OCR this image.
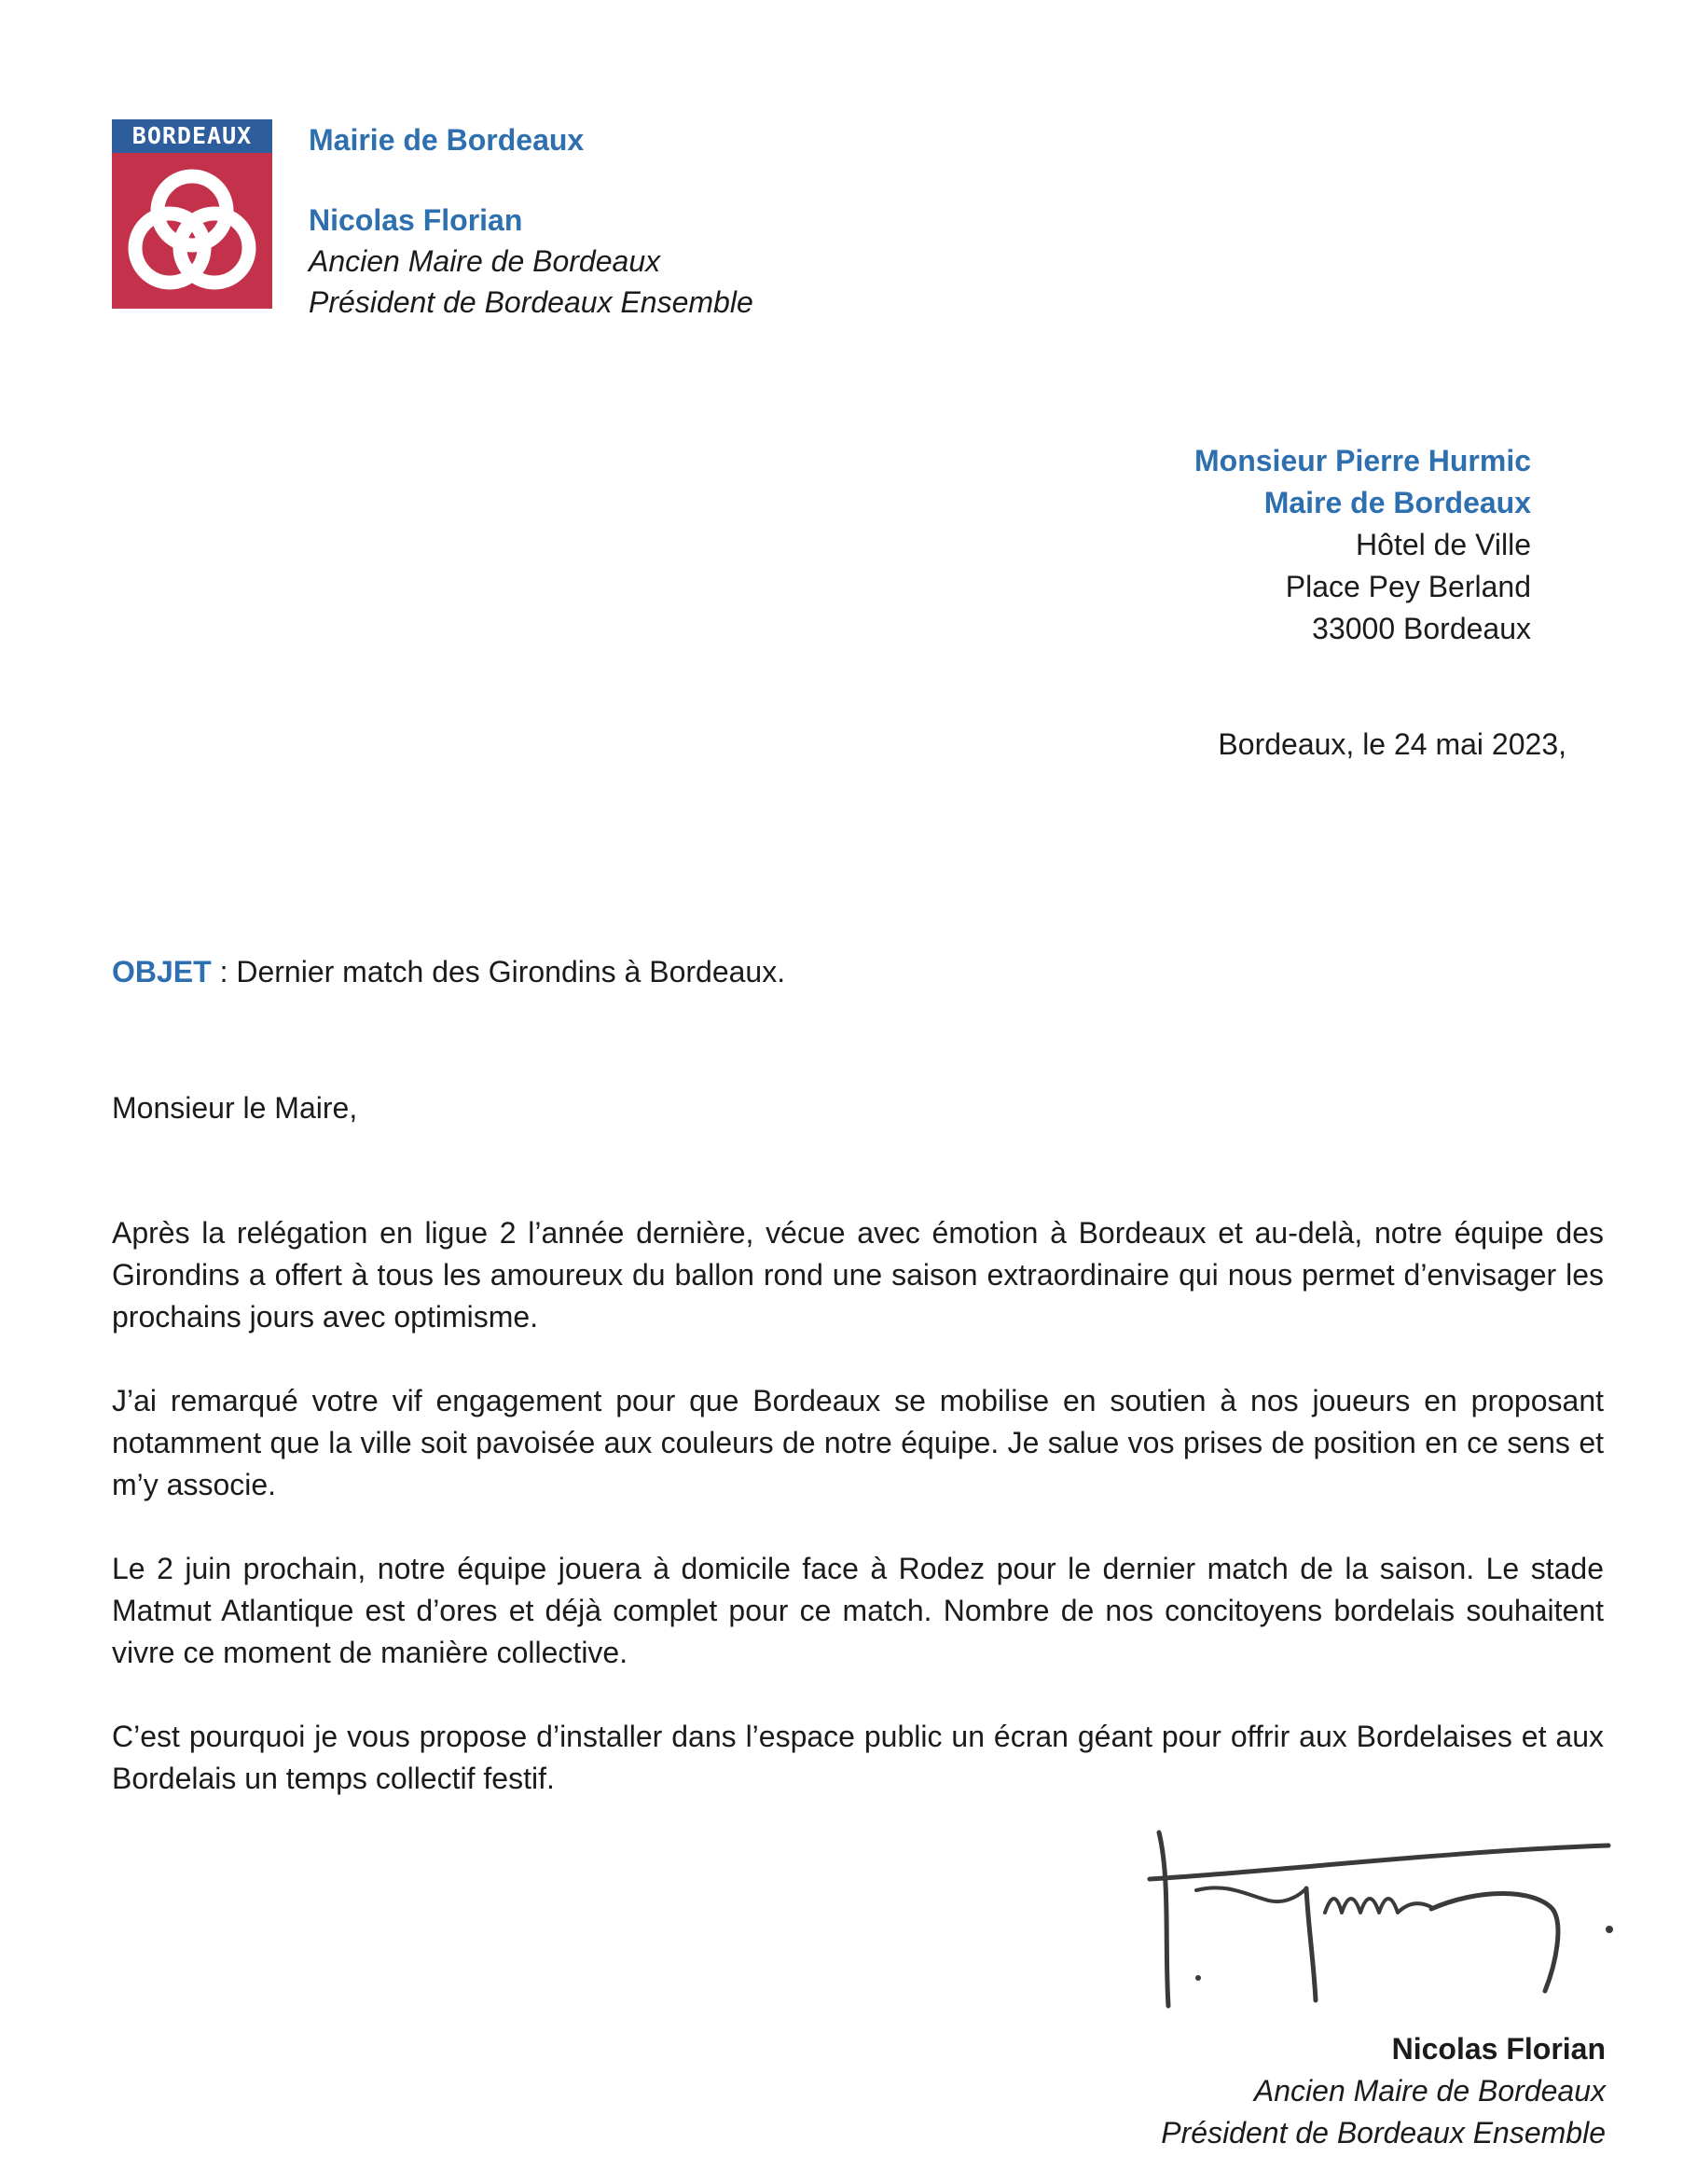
BORDEAUX	Mairie de Bordeaux
Nicolas Florian
Ancien Maire de Bordeaux
Président de Bordeaux Ensemble
Monsieur Pierre Hurmic
Maire de Bordeaux
Hôtel de Ville
Place Pey Berland
33000 Bordeaux
Bordeaux, le 24 mai 2023,
OBJET : Dernier match des Girondins à Bordeaux.
Monsieur le Maire,

Après la relégation en ligue 2 l’année dernière, vécue avec émotion à Bordeaux et au-delà, notre équipe des Girondins a offert à tous les amoureux du ballon rond une saison extraordinaire qui nous permet d’envisager les prochains jours avec optimisme.

J’ai remarqué votre vif engagement pour que Bordeaux se mobilise en soutien à nos joueurs en proposant notamment que la ville soit pavoisée aux couleurs de notre équipe. Je salue vos prises de position en ce sens et m’y associe.

Le 2 juin prochain, notre équipe jouera à domicile face à Rodez pour le dernier match de la saison. Le stade Matmut Atlantique est d’ores et déjà complet pour ce match. Nombre de nos concitoyens bordelais souhaitent vivre ce moment de manière collective.

C’est pourquoi je vous propose d’installer dans l’espace public un écran géant pour offrir aux Bordelaises et aux Bordelais un temps collectif festif.

Nicolas Florian
Ancien Maire de Bordeaux
Président de Bordeaux Ensemble
